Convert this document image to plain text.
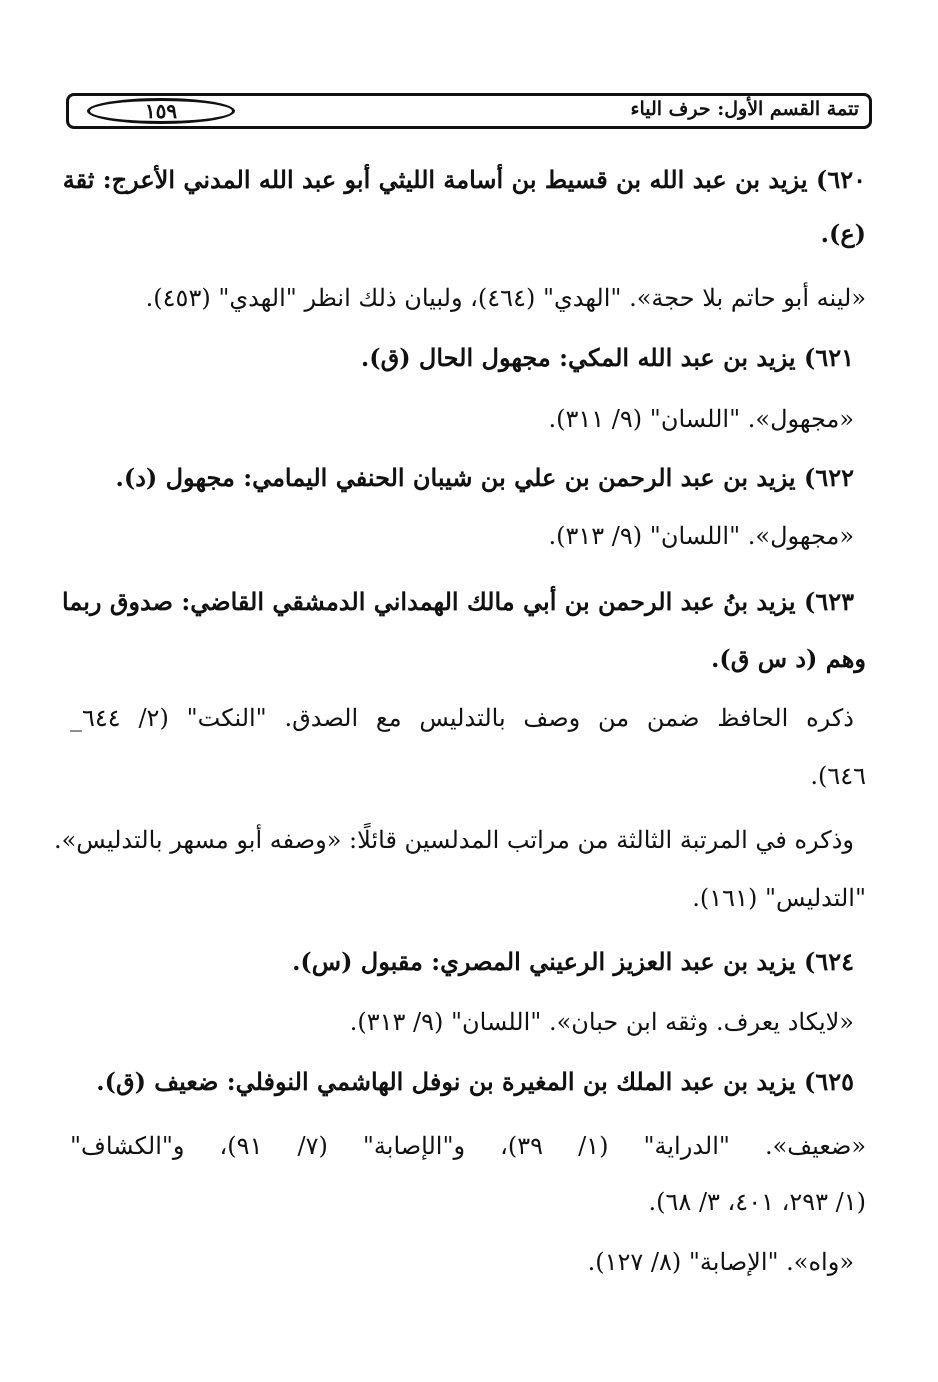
١٥٩	تتمة القسم الأول: حرف الياء
٦٢٠) يزيد بن عبد الله بن قسيط بن أسامة الليثي أبو عبد الله المدني الأعرج: ثقة
(ع).
«لينه أبو حاتم بلا حجة». "الهدي" (٤٦٤)، ولبيان ذلك انظر "الهدي" (٤٥٣).
٦٢١) يزيد بن عبد الله المكي: مجهول الحال (ق).
«مجهول». "اللسان" (٩/ ٣١١).
٦٢٢) يزيد بن عبد الرحمن بن علي بن شيبان الحنفي اليمامي: مجهول (د).
«مجهول». "اللسان" (٩/ ٣١٣).
٦٢٣) يزيد بنُ عبد الرحمن بن أبي مالك الهمداني الدمشقي القاضي: صدوق ربما
وهم (د س ق).
ذكره الحافظ ضمن من وصف بالتدليس مع الصدق. "النكت" (٢/ ٦٤٤_
٦٤٦).
وذكره في المرتبة الثالثة من مراتب المدلسين قائلًا: «وصفه أبو مسهر بالتدليس».
"التدليس" (١٦١).
٦٢٤) يزيد بن عبد العزيز الرعيني المصري: مقبول (س).
«لايكاد يعرف. وثقه ابن حبان». "اللسان" (٩/ ٣١٣).
٦٢٥) يزيد بن عبد الملك بن المغيرة بن نوفل الهاشمي النوفلي: ضعيف (ق).
«ضعيف». "الدراية" (١/ ٣٩)، و"الإصابة" (٧/ ٩١)، و"الكشاف"
(١/ ٢٩٣، ٤٠١، ٣/ ٦٨).
«واه». "الإصابة" (٨/ ١٢٧).
